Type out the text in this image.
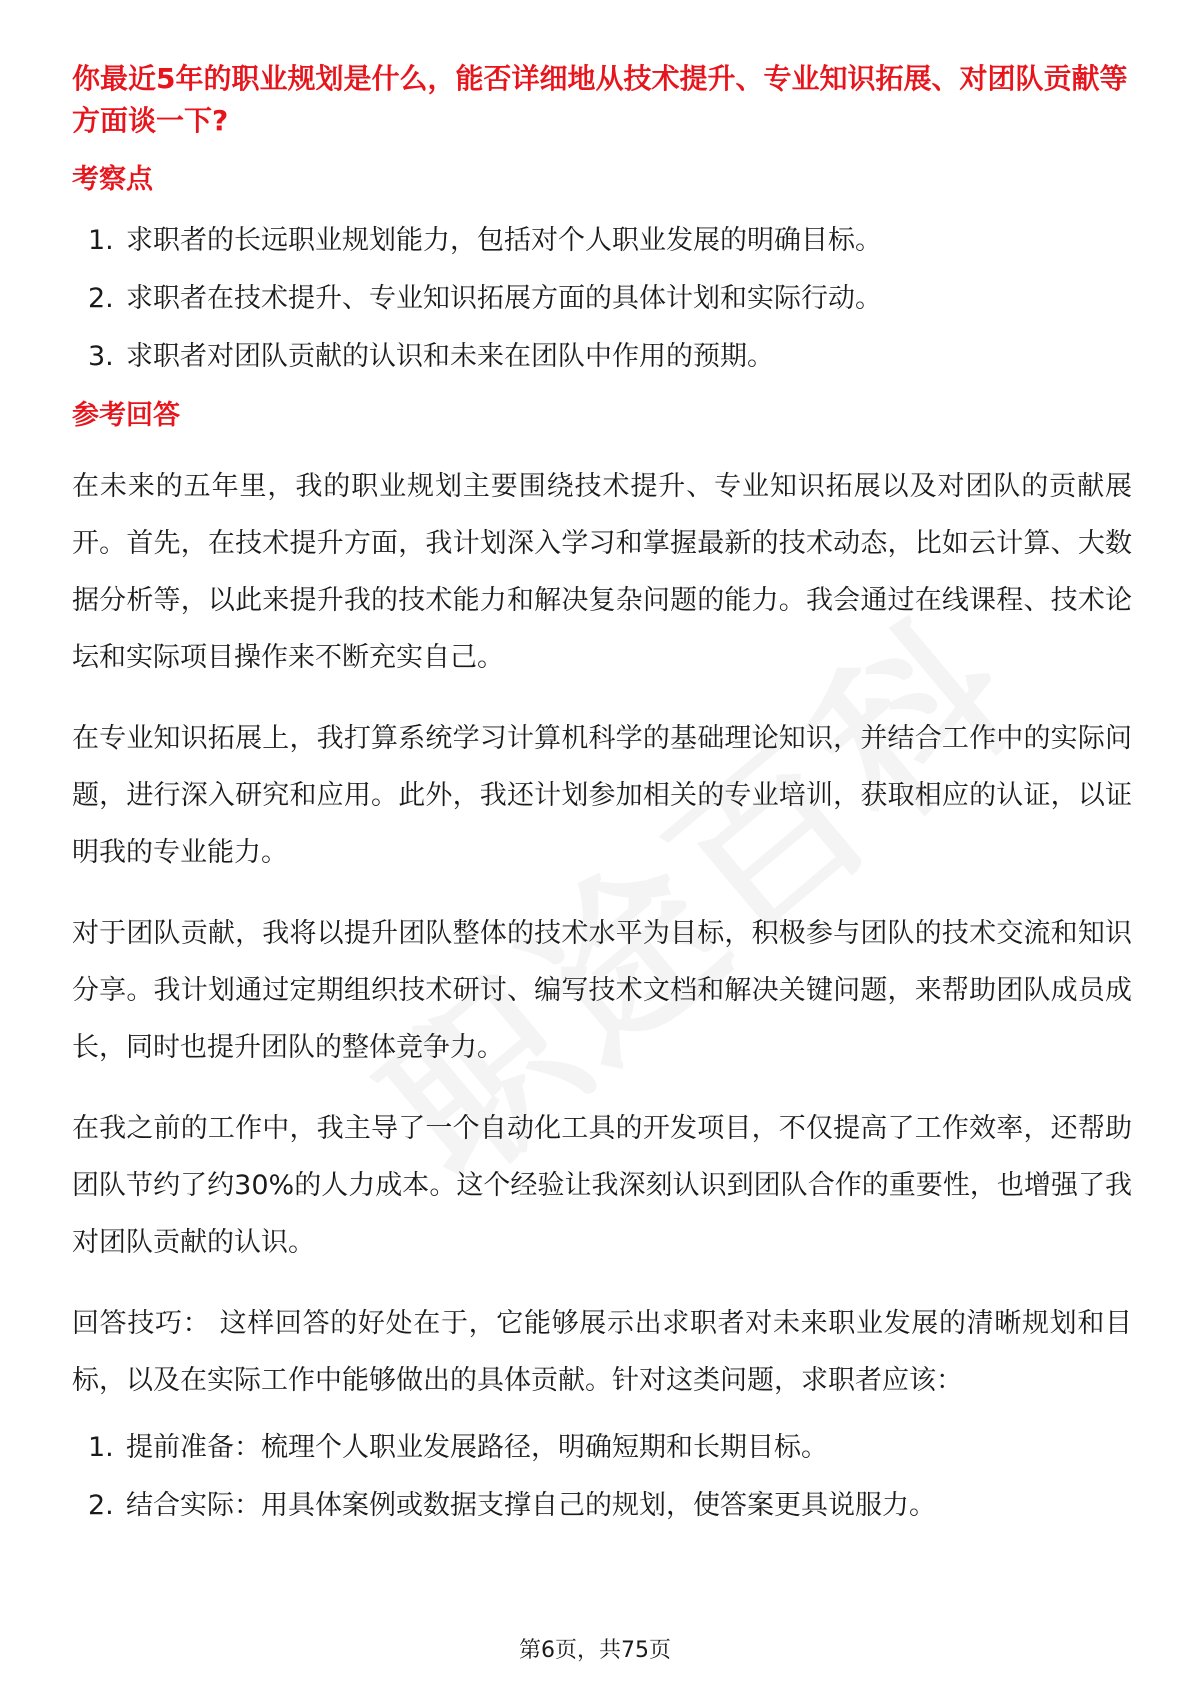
你最近5年的职业规划是什么，能否详细地从技术提升、专业知识拓展、对团队贡献等方面谈一下?

考察点

1. 求职者的长远职业规划能力，包括对个人职业发展的明确目标。
2. 求职者在技术提升、专业知识拓展方面的具体计划和实际行动。
3. 求职者对团队贡献的认识和未来在团队中作用的预期。

参考回答

在未来的五年里，我的职业规划主要围绕技术提升、专业知识拓展以及对团队的贡献展开。首先，在技术提升方面，我计划深入学习和掌握最新的技术动态，比如云计算、大数据分析等，以此来提升我的技术能力和解决复杂问题的能力。我会通过在线课程、技术论坛和实际项目操作来不断充实自己。

在专业知识拓展上，我打算系统学习计算机科学的基础理论知识，并结合工作中的实际问题，进行深入研究和应用。此外，我还计划参加相关的专业培训，获取相应的认证，以证明我的专业能力。

对于团队贡献，我将以提升团队整体的技术水平为目标，积极参与团队的技术交流和知识分享。我计划通过定期组织技术研讨、编写技术文档和解决关键问题，来帮助团队成员成长，同时也提升团队的整体竞争力。

在我之前的工作中，我主导了一个自动化工具的开发项目，不仅提高了工作效率，还帮助团队节约了约30%的人力成本。这个经验让我深刻认识到团队合作的重要性，也增强了我对团队贡献的认识。

回答技巧： 这样回答的好处在于，它能够展示出求职者对未来职业发展的清晰规划和目标，以及在实际工作中能够做出的具体贡献。针对这类问题，求职者应该：

1. 提前准备：梳理个人职业发展路径，明确短期和长期目标。
2. 结合实际：用具体案例或数据支撑自己的规划，使答案更具说服力。
第6页，共75页
